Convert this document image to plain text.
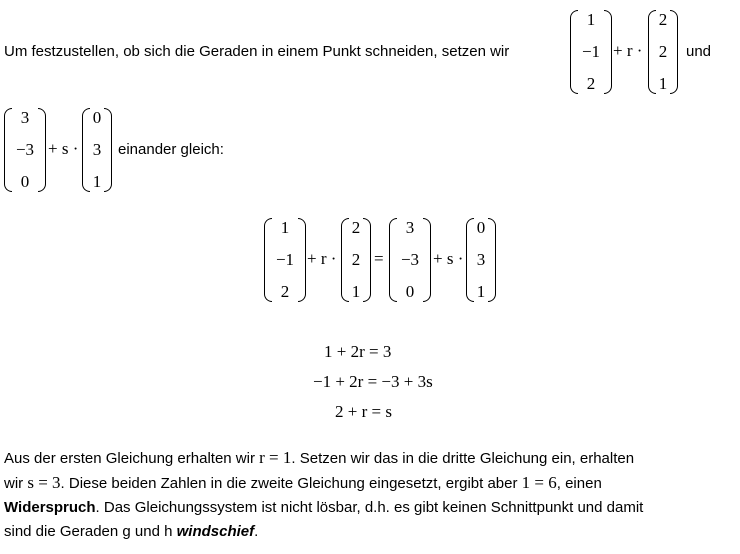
Um festzustellen, ob sich die Geraden in einem Punkt schneiden, setzen wir
1
−1
2
+ r ·
2
2
1
und
3
−3
0
+ s ·
0
3
1
einander gleich:
1
−1
2
+ r ·
2
2
1
=
3
−3
0
+ s ·
0
3
1
1 + 2r = 3
−1 + 2r = −3 + 3s
2 + r = s
Aus der ersten Gleichung erhalten wir r = 1. Setzen wir das in die dritte Gleichung ein, erhalten
wir s = 3. Diese beiden Zahlen in die zweite Gleichung eingesetzt, ergibt aber 1 = 6, einen
Widerspruch. Das Gleichungssystem ist nicht lösbar, d.h. es gibt keinen Schnittpunkt und damit
sind die Geraden g und h windschief.
